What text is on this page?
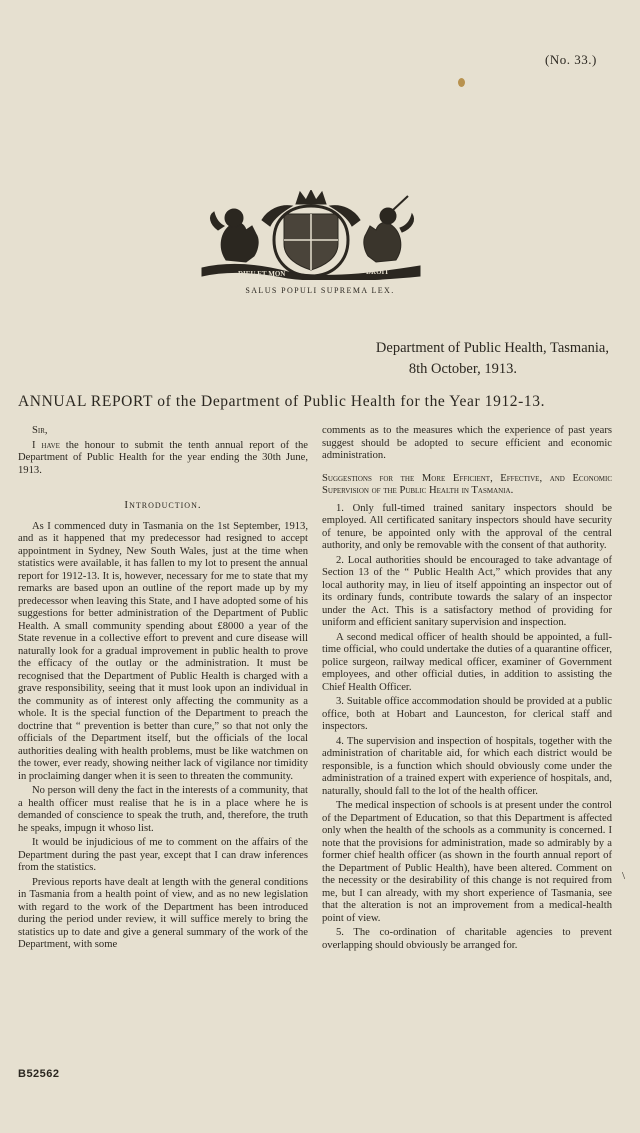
(No. 33.)
DIEU ET MON	DROIT
SALUS POPULI SUPREMA LEX.
Department of Public Health, Tasmania,
8th October, 1913.
ANNUAL REPORT of the Department of Public Health for the Year 1912-13.

Sir,

I have the honour to submit the tenth annual report of the Department of Public Health for the year ending the 30th June, 1913.

Introduction.

As I commenced duty in Tasmania on the 1st September, 1913, and as it happened that my predecessor had resigned to accept appointment in Sydney, New South Wales, just at the time when statistics were available, it has fallen to my lot to present the annual report for 1912-13. It is, however, necessary for me to state that my remarks are based upon an outline of the report made up by my predecessor when leaving this State, and I have adopted some of his suggestions for better administration of the Department of Public Health. A small community spending about £8000 a year of the State revenue in a collective effort to prevent and cure disease will naturally look for a gradual improvement in public health to prove the efficacy of the outlay or the administration. It must be recognised that the Department of Public Health is charged with a grave responsibility, seeing that it must look upon an individual in the community as of interest only affecting the community as a whole. It is the special function of the Department to preach the doctrine that “ prevention is better than cure,” so that not only the officials of the Department itself, but the officials of the local authorities dealing with health problems, must be like watchmen on the tower, ever ready, showing neither lack of vigilance nor timidity in proclaiming danger when it is seen to threaten the community.

No person will deny the fact in the interests of a community, that a health officer must realise that he is in a place where he is demanded of conscience to speak the truth, and, therefore, the truth he speaks, impugn it whoso list.

It would be injudicious of me to comment on the affairs of the Department during the past year, except that I can draw inferences from the statistics.

Previous reports have dealt at length with the general conditions in Tasmania from a health point of view, and as no new legislation with regard to the work of the Department has been introduced during the period under review, it will suffice merely to bring the statistics up to date and give a general summary of the work of the Department, with some

comments as to the measures which the experience of past years suggest should be adopted to secure efficient and economic administration.

Suggestions for the More Efficient, Effective, and Economic Supervision of the Public Health in Tasmania.

1. Only full-timed trained sanitary inspectors should be employed. All certificated sanitary inspectors should have security of tenure, be appointed only with the approval of the central authority, and only be removable with the consent of that authority.

2. Local authorities should be encouraged to take advantage of Section 13 of the “ Public Health Act,” which provides that any local authority may, in lieu of itself appointing an inspector out of its ordinary funds, contribute towards the salary of an inspector under the Act. This is a satisfactory method of providing for uniform and efficient sanitary supervision and inspection.

A second medical officer of health should be appointed, a full-time official, who could undertake the duties of a quarantine officer, police surgeon, railway medical officer, examiner of Government employees, and other official duties, in addition to assisting the Chief Health Officer.

3. Suitable office accommodation should be provided at a public office, both at Hobart and Launceston, for clerical staff and inspectors.

4. The supervision and inspection of hospitals, together with the administration of charitable aid, for which each district would be responsible, is a function which should obviously come under the administration of a trained expert with experience of hospitals, and, naturally, should fall to the lot of the health officer.

The medical inspection of schools is at present under the control of the Department of Education, so that this Department is affected only when the health of the schools as a community is concerned. I note that the provisions for administration, made so admirably by a former chief health officer (as shown in the fourth annual report of the Department of Public Health), have been altered. Comment on the necessity or the desirability of this change is not required from me, but I can already, with my short experience of Tasmania, see that the alteration is not an improvement from a medical-health point of view.

5. The co-ordination of charitable agencies to prevent overlapping should obviously be arranged for.

\
B52562
